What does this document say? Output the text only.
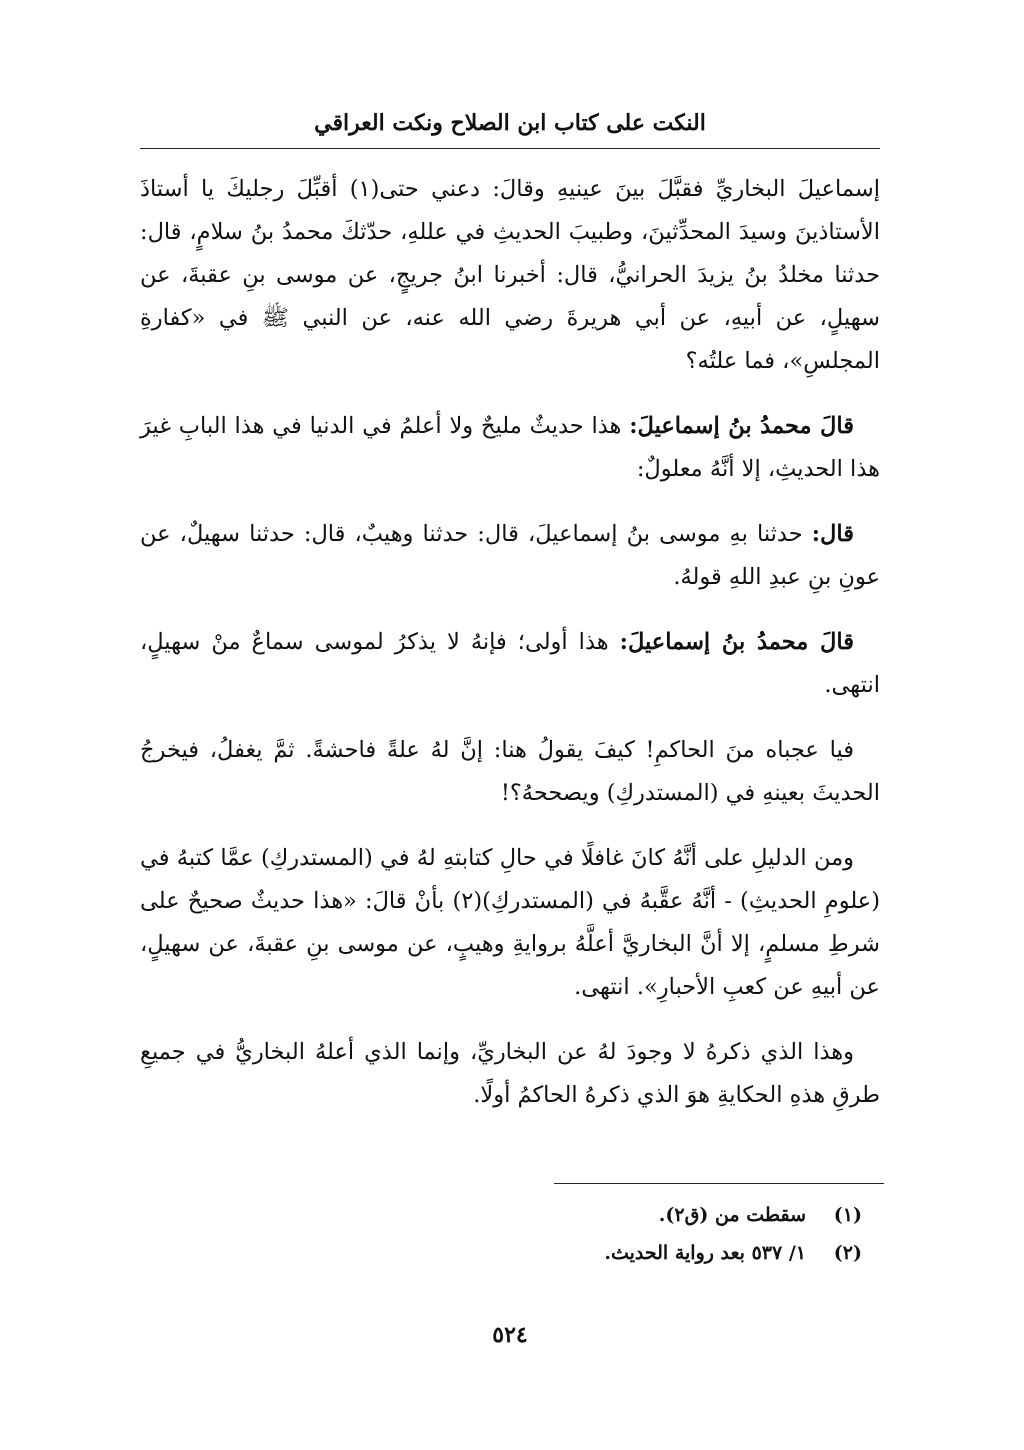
النكت على كتاب ابن الصلاح ونكت العراقي

إسماعيلَ البخاريِّ فقبَّلَ بينَ عينيهِ وقالَ: دعني حتى(١) أقبِّلَ رجليكَ يا أستاذَ الأستاذينَ وسيدَ المحدِّثينَ، وطبيبَ الحديثِ في عللهِ، حدّثكَ محمدُ بنُ سلامٍ، قال: حدثنا مخلدُ بنُ يزيدَ الحرانيُّ، قال: أخبرنا ابنُ جريجٍ، عن موسى بنِ عقبةَ، عن سهيلٍ، عن أبيهِ، عن أبي هريرةَ رضي الله عنه، عن النبي ﷺ في «كفارةِ المجلسِ»، فما علتُه؟

قالَ محمدُ بنُ إسماعيلَ: هذا حديثٌ مليحٌ ولا أعلمُ في الدنيا في هذا البابِ غيرَ هذا الحديثِ، إلا أنَّهُ معلولٌ:

قال: حدثنا بهِ موسى بنُ إسماعيلَ، قال: حدثنا وهيبٌ، قال: حدثنا سهيلٌ، عن عونِ بنِ عبدِ اللهِ قولهُ.

قالَ محمدُ بنُ إسماعيلَ: هذا أولى؛ فإنهُ لا يذكرُ لموسى سماعٌ منْ سهيلٍ، انتهى.

فيا عجباه منَ الحاكمِ! كيفَ يقولُ هنا: إنَّ لهُ علةً فاحشةً. ثمَّ يغفلُ، فيخرجُ الحديثَ بعينهِ في (المستدركِ) ويصححهُ؟!

ومن الدليلِ على أنَّهُ كانَ غافلًا في حالِ كتابتهِ لهُ في (المستدركِ) عمَّا كتبهُ في (علومِ الحديثِ) - أنَّهُ عقَّبهُ في (المستدركِ)(٢) بأنْ قالَ: «هذا حديثٌ صحيحٌ على شرطِ مسلمٍ، إلا أنَّ البخاريَّ أعلَّهُ بروايةِ وهيبٍ، عن موسى بنِ عقبةَ، عن سهيلٍ، عن أبيهِ عن كعبِ الأحبارِ». انتهى.

وهذا الذي ذكرهُ لا وجودَ لهُ عن البخاريِّ، وإنما الذي أعلهُ البخاريُّ في جميعِ طرقِ هذهِ الحكايةِ هوَ الذي ذكرهُ الحاكمُ أولًا.

(١)
سقطت من (ق٢).
(٢)
١/ ٥٣٧ بعد رواية الحديث.
٥٢٤
